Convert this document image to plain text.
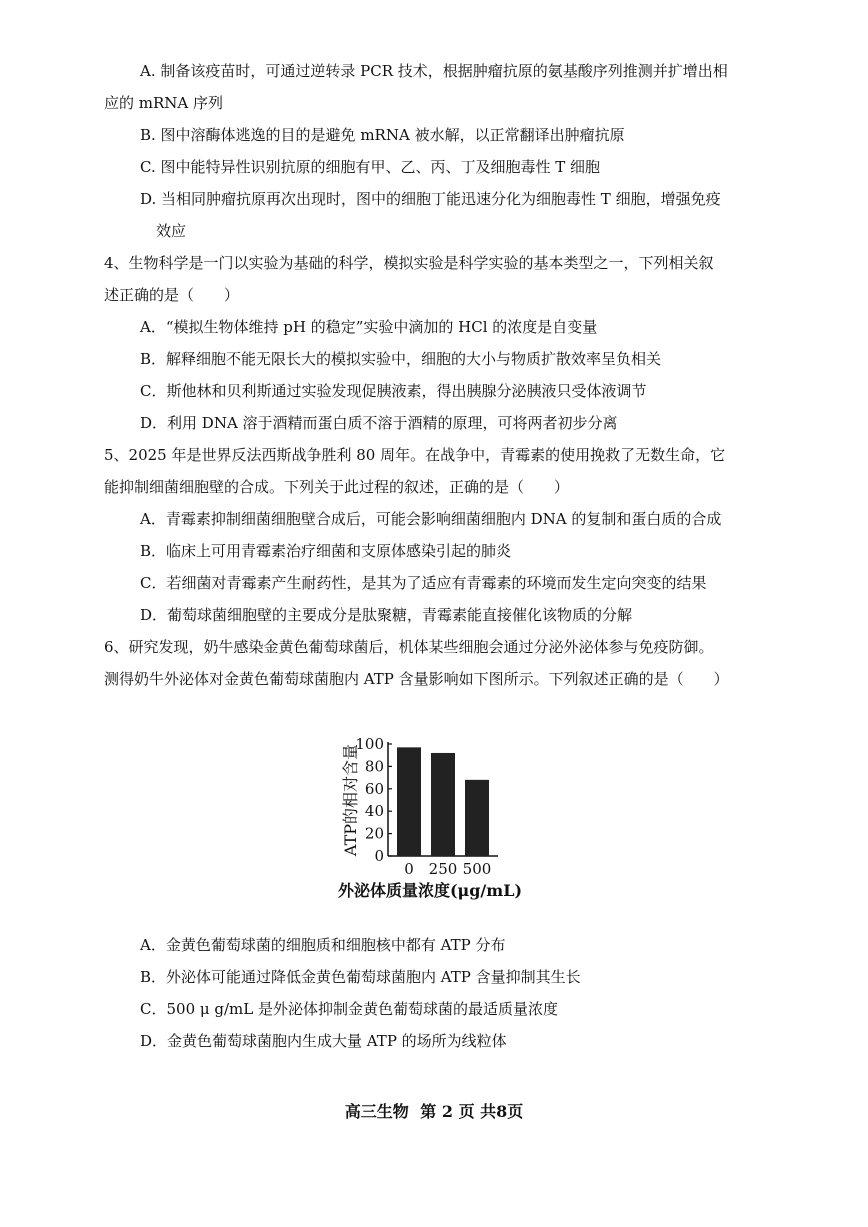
A. 制备该疫苗时，可通过逆转录 PCR 技术，根据肿瘤抗原的氨基酸序列推测并扩增出相
应的 mRNA 序列
B. 图中溶酶体逃逸的目的是避免 mRNA 被水解，以正常翻译出肿瘤抗原
C. 图中能特异性识别抗原的细胞有甲、乙、丙、丁及细胞毒性 T 细胞
D. 当相同肿瘤抗原再次出现时，图中的细胞丁能迅速分化为细胞毒性 T 细胞，增强免疫
效应
4、生物科学是一门以实验为基础的科学，模拟实验是科学实验的基本类型之一，下列相关叙
述正确的是（　　）
A．“模拟生物体维持 pH 的稳定”实验中滴加的 HCl 的浓度是自变量
B．解释细胞不能无限长大的模拟实验中，细胞的大小与物质扩散效率呈负相关
C．斯他林和贝利斯通过实验发现促胰液素，得出胰腺分泌胰液只受体液调节
D．利用 DNA 溶于酒精而蛋白质不溶于酒精的原理，可将两者初步分离
5、2025 年是世界反法西斯战争胜利 80 周年。在战争中，青霉素的使用挽救了无数生命，它
能抑制细菌细胞壁的合成。下列关于此过程的叙述，正确的是（　　）
A．青霉素抑制细菌细胞壁合成后，可能会影响细菌细胞内 DNA 的复制和蛋白质的合成
B．临床上可用青霉素治疗细菌和支原体感染引起的肺炎
C．若细菌对青霉素产生耐药性，是其为了适应有青霉素的环境而发生定向突变的结果
D．葡萄球菌细胞壁的主要成分是肽聚糖，青霉素能直接催化该物质的分解
6、研究发现，奶牛感染金黄色葡萄球菌后，机体某些细胞会通过分泌外泌体参与免疫防御。
测得奶牛外泌体对金黄色葡萄球菌胞内 ATP 含量影响如下图所示。下列叙述正确的是（　　）
0
20
40
60
80
100
0 250 500
ATP的相对含量
外泌体质量浓度(μg/mL)
A．金黄色葡萄球菌的细胞质和细胞核中都有 ATP 分布
B．外泌体可能通过降低金黄色葡萄球菌胞内 ATP 含量抑制其生长
C．500 μ g/mL 是外泌体抑制金黄色葡萄球菌的最适质量浓度
D．金黄色葡萄球菌胞内生成大量 ATP 的场所为线粒体
高三生物 第 2 页 共8页
